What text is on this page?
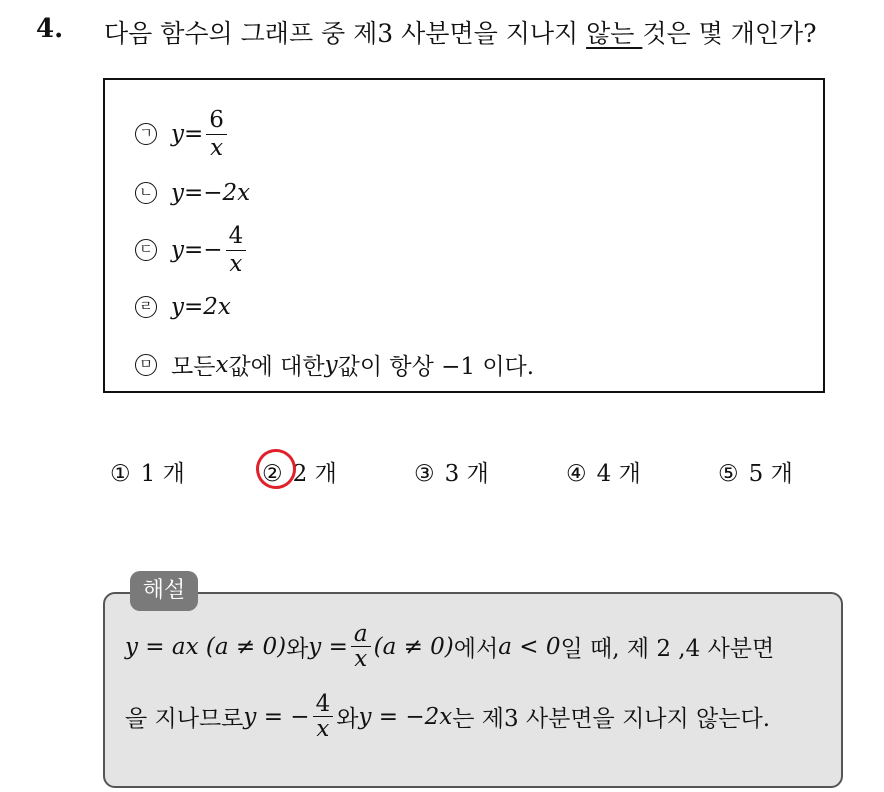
4. 다음 함수의 그래프 중 제3 사분면을 지나지 않는 것은 몇 개인가?
ㄱ $y = \frac{6}{x}$
ㄴ y = −2x
ㄷ y = − $\frac{4}{x}$
ㄹ y = 2x
ㅁ 모든 x 값에 대한 y 값이 항상 −1 이다.
① 1 개	② 2 개	③ 3 개	④ 4 개	⑤ 5 개
y = ax (a ≠ 0) 와 $y = \frac{a}{x} (a \ne 0)$ 에서 a < 0 일 때, 제 2 ,4 사분면
을 지나므로 y = − $\frac{4}{x}$ 와 y = −2x 는 제3 사분면을 지나지 않는다.
해설
